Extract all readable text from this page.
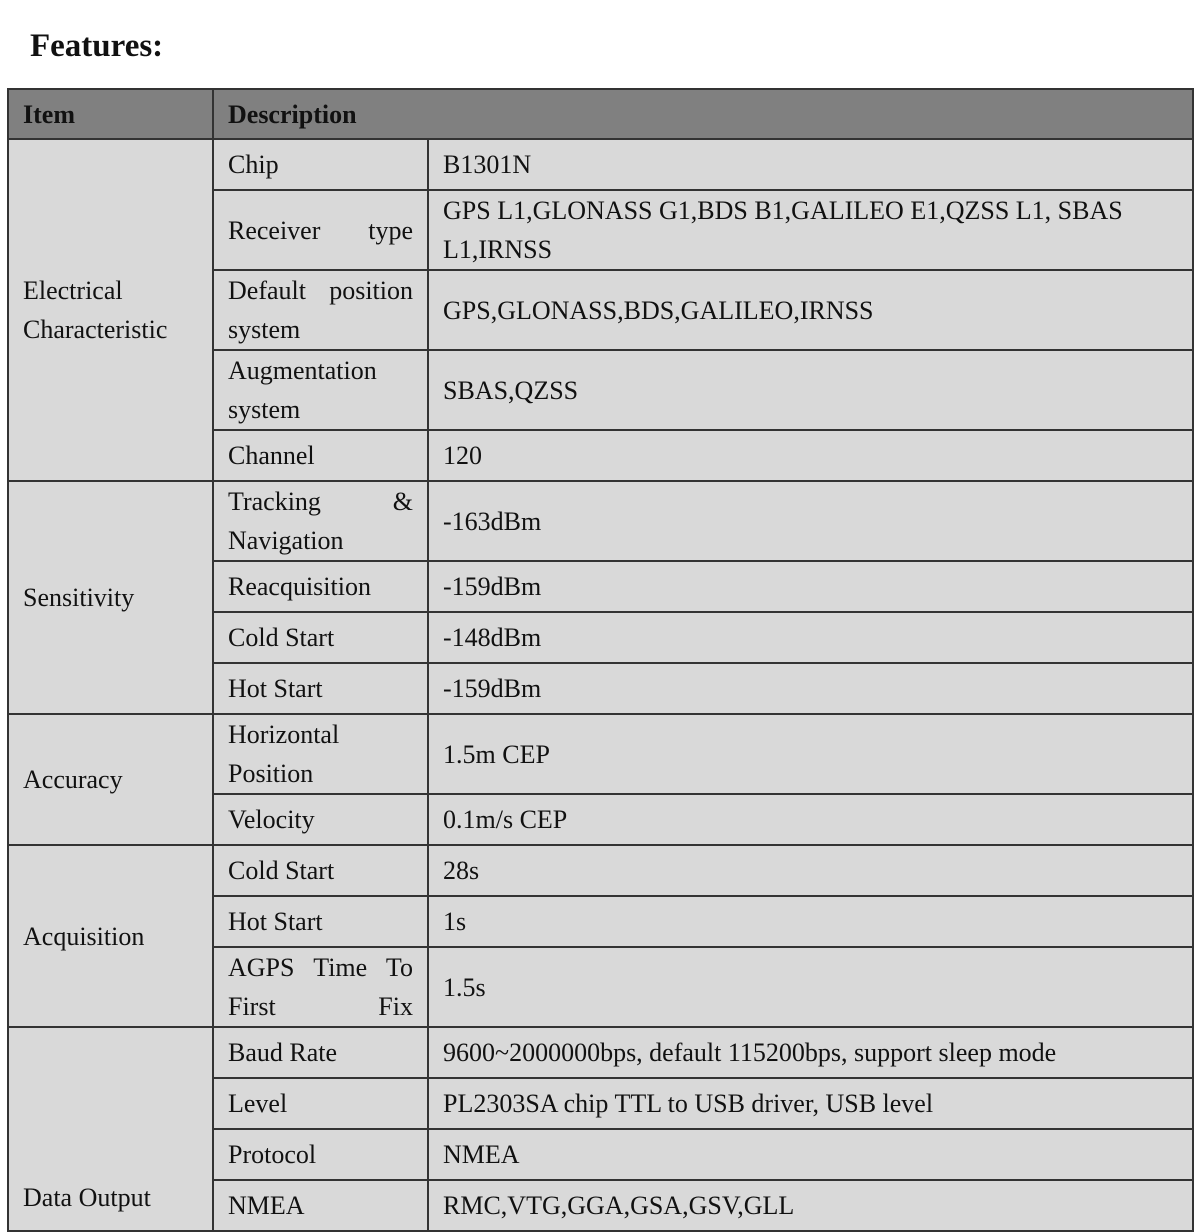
Features:
Item	Description	
Electrical Characteristic	Chip	B1301N
	Receiver type	GPS L1,GLONASS G1,BDS B1,GALILEO E1,QZSS L1, SBAS L1,IRNSS
	Default position system	GPS,GLONASS,BDS,GALILEO,IRNSS
	Augmentation system	SBAS,QZSS
	Channel	120
Sensitivity	Tracking & Navigation	-163dBm
	Reacquisition	-159dBm
	Cold Start	-148dBm
	Hot Start	-159dBm
Accuracy	Horizontal Position	1.5m CEP
	Velocity	0.1m/s CEP
Acquisition	Cold Start	28s
	Hot Start	1s
	AGPS Time To First Fix	1.5s
Data Output	Baud Rate	9600~2000000bps, default 115200bps, support sleep mode
	Level	PL2303SA chip TTL to USB driver, USB level
	Protocol	NMEA
	NMEA	RMC,VTG,GGA,GSA,GSV,GLL
